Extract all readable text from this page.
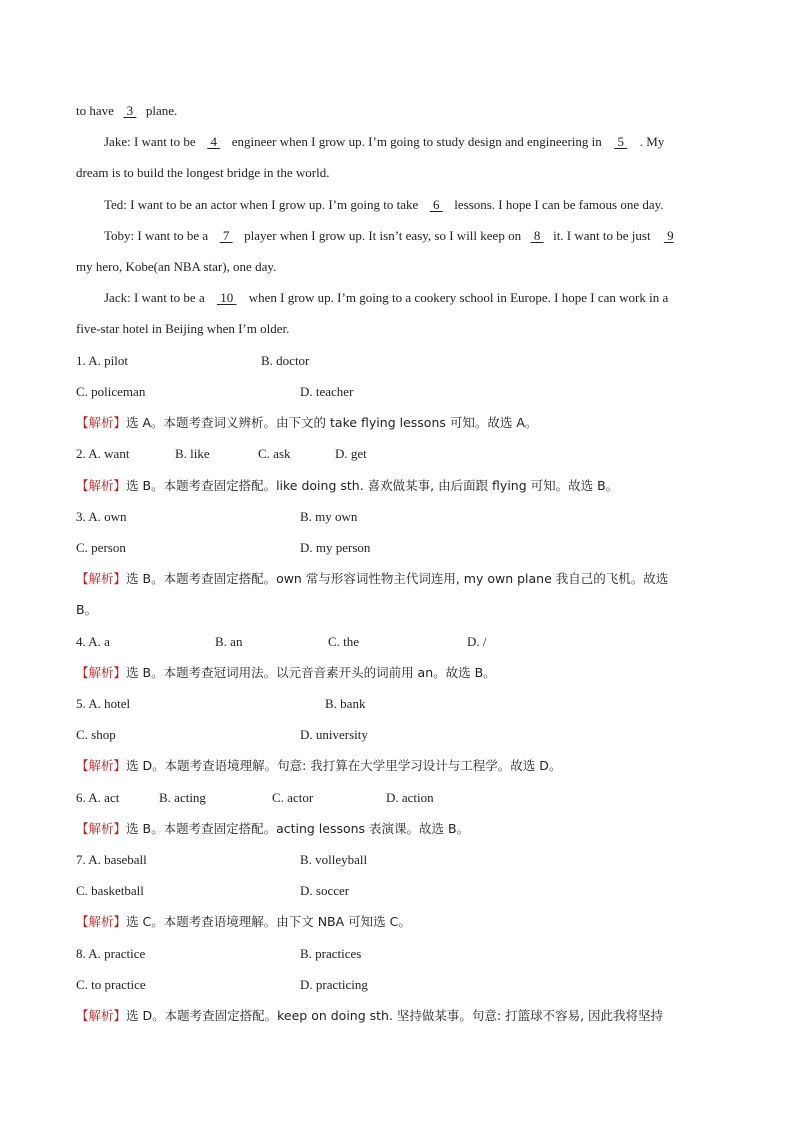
to have 3 plane.
Jake: I want to be 4 engineer when I grow up. I’m going to study design and engineering in 5 . My
dream is to build the longest bridge in the world.
Ted: I want to be an actor when I grow up. I’m going to take 6 lessons. I hope I can be famous one day.
Toby: I want to be a 7 player when I grow up. It isn’t easy, so I will keep on 8 it. I want to be just 9
my hero, Kobe(an NBA star), one day.
Jack: I want to be a 10 when I grow up. I’m going to a cookery school in Europe. I hope I can work in a
five-star hotel in Beijing when I’m older.
1. A. pilot	B. doctor
C. policeman	D. teacher
【解析】选 A。本题考查词义辨析。由下文的 take flying lessons 可知。故选 A。
2. A. want	B. like	C. ask	D. get
【解析】选 B。本题考查固定搭配。like doing sth. 喜欢做某事, 由后面跟 flying 可知。故选 B。
3. A. own	B. my own
C. person	D. my person
【解析】选 B。本题考查固定搭配。own 常与形容词性物主代词连用, my own plane 我自己的飞机。故选
B。
4. A. a	B. an	C. the	D. /
【解析】选 B。本题考查冠词用法。以元音音素开头的词前用 an。故选 B。
5. A. hotel	B. bank
C. shop	D. university
【解析】选 D。本题考查语境理解。句意: 我打算在大学里学习设计与工程学。故选 D。
6. A. act	B. acting	C. actor	D. action
【解析】选 B。本题考查固定搭配。acting lessons 表演课。故选 B。
7. A. baseball	B. volleyball
C. basketball	D. soccer
【解析】选 C。本题考查语境理解。由下文 NBA 可知选 C。
8. A. practice	B. practices
C. to practice	D. practicing
【解析】选 D。本题考查固定搭配。keep on doing sth. 坚持做某事。句意: 打篮球不容易, 因此我将坚持
